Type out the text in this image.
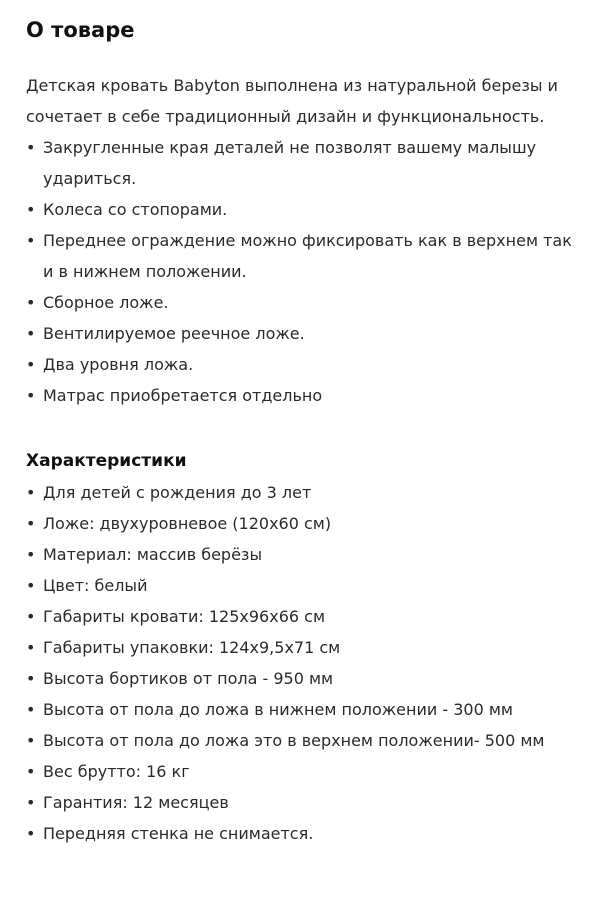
О товаре

Детская кровать Babyton выполнена из натуральной березы и сочетает в себе традиционный дизайн и функциональность.

• Закругленные края деталей не позволят вашему малышу удариться.
• Колеса со стопорами.
• Переднее ограждение можно фиксировать как в верхнем так и в нижнем положении.
• Сборное ложе.
• Вентилируемое реечное ложе.
• Два уровня ложа.
• Матрас приобретается отдельно
Характеристики
• Для детей с рождения до 3 лет
• Ложе: двухуровневое (120х60 см)
• Материал: массив берёзы
• Цвет: белый
• Габариты кровати: 125х96х66 см
• Габариты упаковки: 124х9,5х71 см
• Высота бортиков от пола - 950 мм
• Высота от пола до ложа в нижнем положении - 300 мм
• Высота от пола до ложа это в верхнем положении- 500 мм
• Вес брутто: 16 кг
• Гарантия: 12 месяцев
• Передняя стенка не снимается.
